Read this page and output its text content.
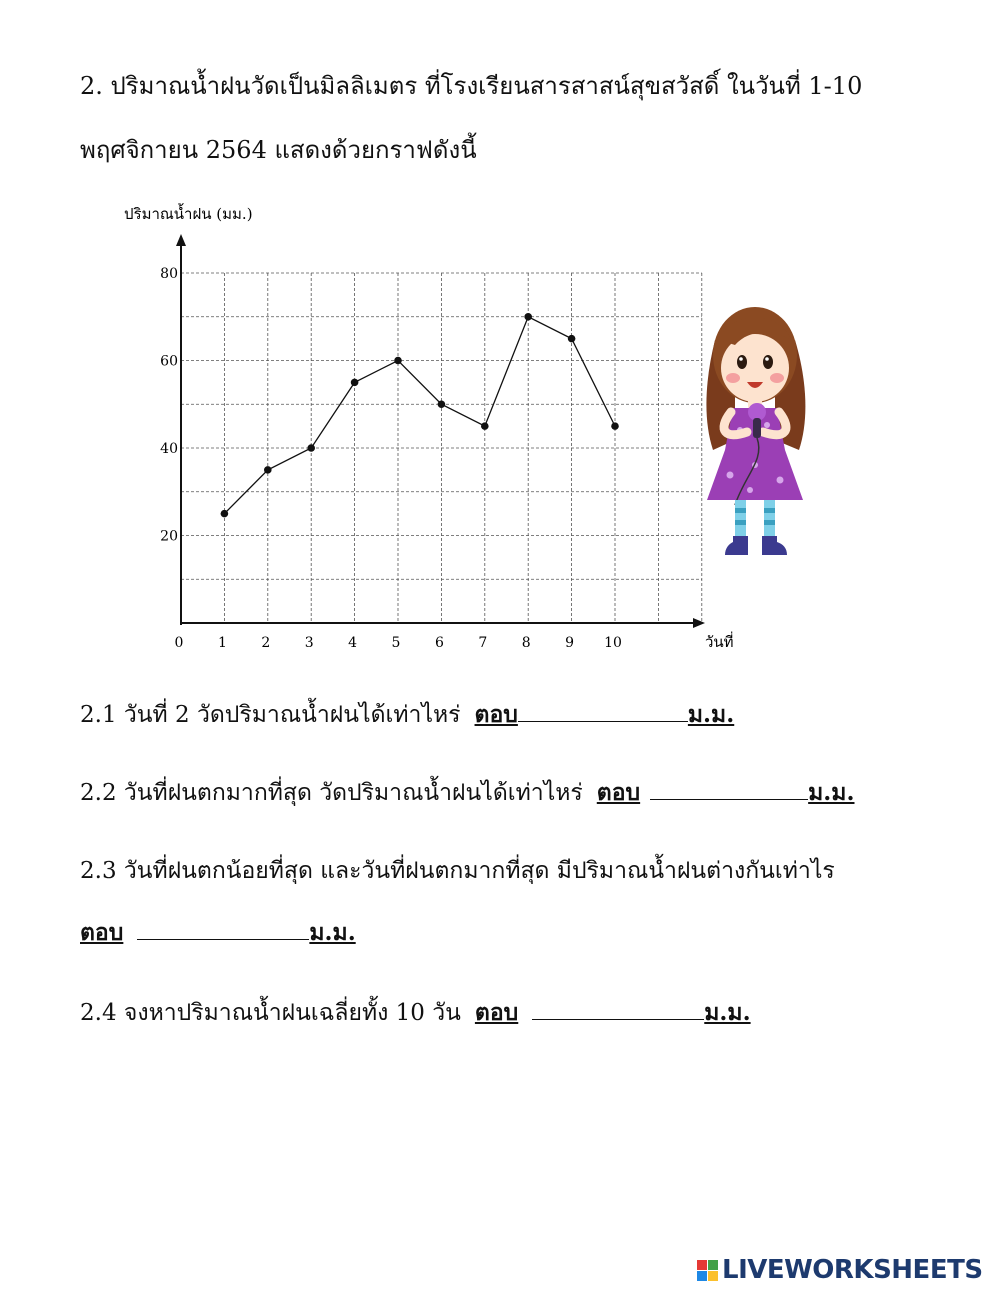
2. ปริมาณน้ำฝนวัดเป็นมิลลิเมตร ที่โรงเรียนสารสาสน์สุขสวัสดิ์ ในวันที่ 1-10
พฤศจิกายน 2564 แสดงด้วยกราฟดังนี้
ปริมาณน้ำฝน (มม.)
วันที่
0 1 2 3 4 5 6 7 8 9 10
20
40
60
80
2.1 วันที่ 2 วัดปริมาณน้ำฝนได้เท่าไหร่ ตอบ	ม.ม.
2.2 วันที่ฝนตกมากที่สุด วัดปริมาณน้ำฝนได้เท่าไหร่ ตอบ	ม.ม.
2.3 วันที่ฝนตกน้อยที่สุด และวันที่ฝนตกมากที่สุด มีปริมาณน้ำฝนต่างกันเท่าไร
ตอบ	ม.ม.
2.4 จงหาปริมาณน้ำฝนเฉลี่ยทั้ง 10 วัน ตอบ	ม.ม.
LIVEWORKSHEETS
